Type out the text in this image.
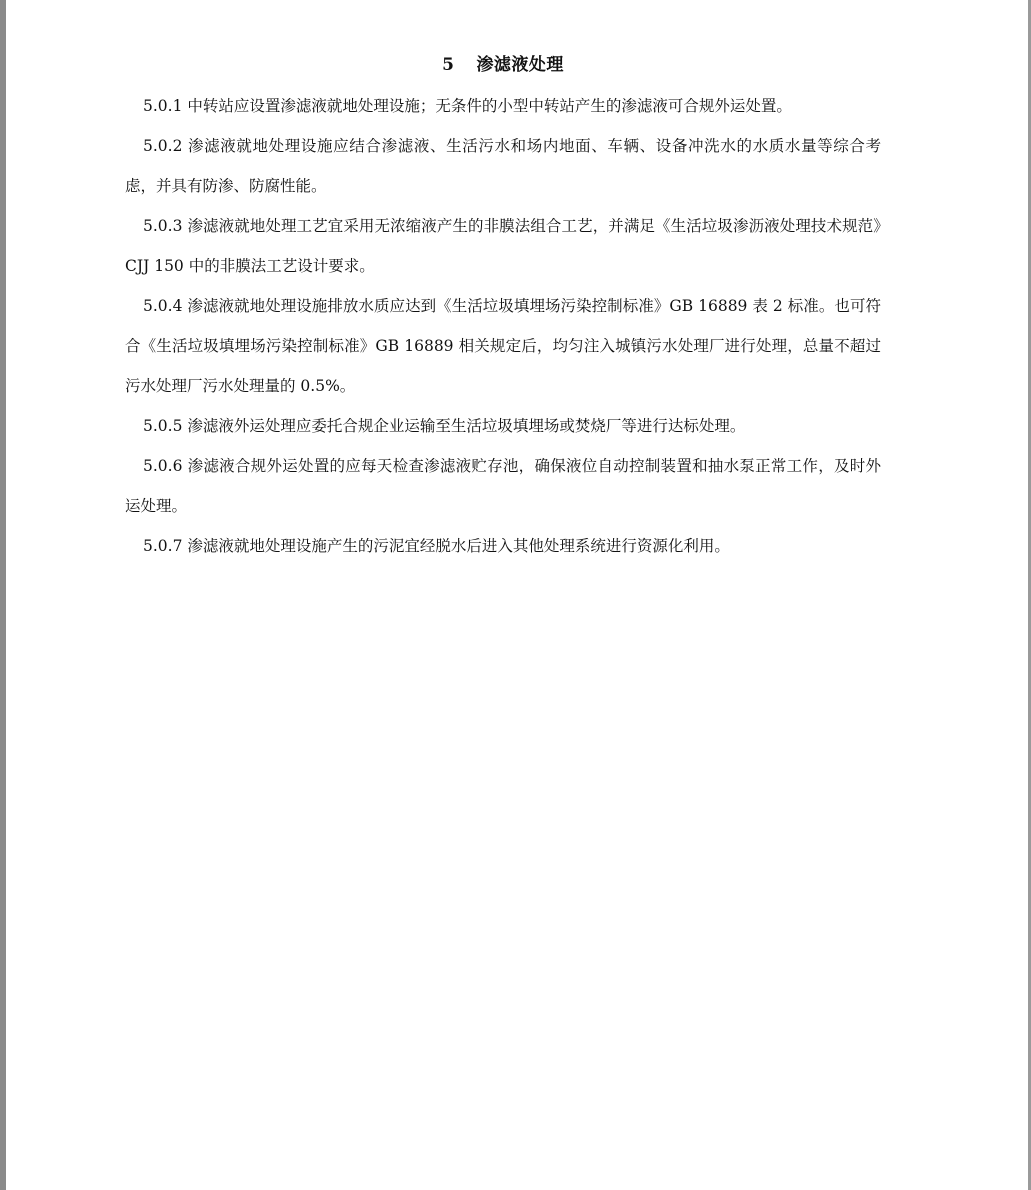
5 渗滤液处理

5.0.1 中转站应设置渗滤液就地处理设施；无条件的小型中转站产生的渗滤液可合规外运处置。

5.0.2 渗滤液就地处理设施应结合渗滤液、生活污水和场内地面、车辆、设备冲洗水的水质水量等综合考虑，并具有防渗、防腐性能。

5.0.3 渗滤液就地处理工艺宜采用无浓缩液产生的非膜法组合工艺，并满足《生活垃圾渗沥液处理技术规范》CJJ 150 中的非膜法工艺设计要求。

5.0.4 渗滤液就地处理设施排放水质应达到《生活垃圾填埋场污染控制标准》GB 16889 表 2 标准。也可符合《生活垃圾填埋场污染控制标准》GB 16889 相关规定后，均匀注入城镇污水处理厂进行处理，总量不超过污水处理厂污水处理量的 0.5%。

5.0.5 渗滤液外运处理应委托合规企业运输至生活垃圾填埋场或焚烧厂等进行达标处理。

5.0.6 渗滤液合规外运处置的应每天检查渗滤液贮存池，确保液位自动控制装置和抽水泵正常工作，及时外运处理。

5.0.7 渗滤液就地处理设施产生的污泥宜经脱水后进入其他处理系统进行资源化利用。
